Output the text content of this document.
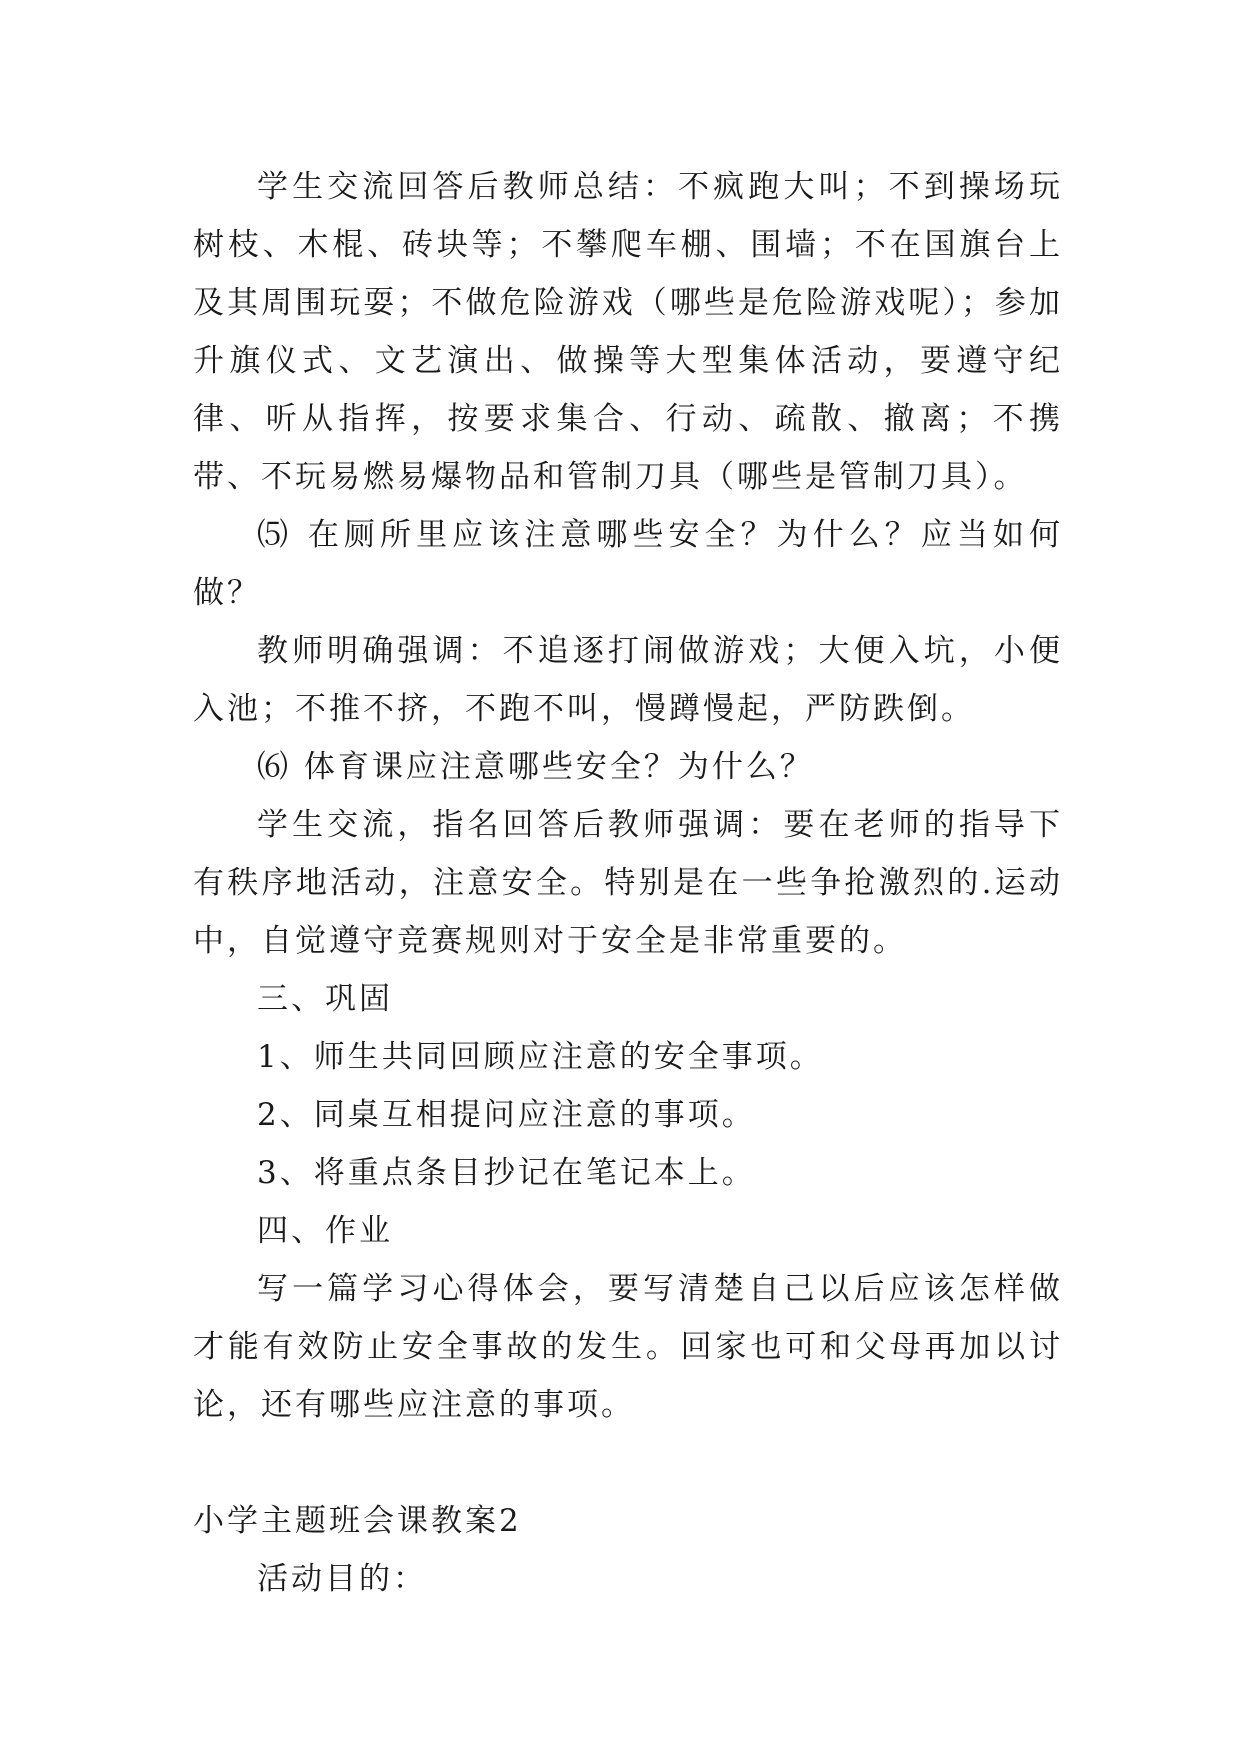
学生交流回答后教师总结：不疯跑大叫；不到操场玩树枝、木棍、砖块等；不攀爬车棚、围墙；不在国旗台上及其周围玩耍；不做危险游戏（哪些是危险游戏呢）；参加升旗仪式、文艺演出、做操等大型集体活动，要遵守纪律、听从指挥，按要求集合、行动、疏散、撤离；不携带、不玩易燃易爆物品和管制刀具（哪些是管制刀具）。

⑸ 在厕所里应该注意哪些安全？为什么？应当如何做？

教师明确强调：不追逐打闹做游戏；大便入坑，小便入池；不推不挤，不跑不叫，慢蹲慢起，严防跌倒。

⑹ 体育课应注意哪些安全？为什么？

学生交流，指名回答后教师强调：要在老师的指导下有秩序地活动，注意安全。特别是在一些争抢激烈的.运动中，自觉遵守竞赛规则对于安全是非常重要的。

三、巩固

1、师生共同回顾应注意的安全事项。

2、同桌互相提问应注意的事项。

3、将重点条目抄记在笔记本上。

四、作业

写一篇学习心得体会，要写清楚自己以后应该怎样做才能有效防止安全事故的发生。回家也可和父母再加以讨论，还有哪些应注意的事项。

小学主题班会课教案2

活动目的：
